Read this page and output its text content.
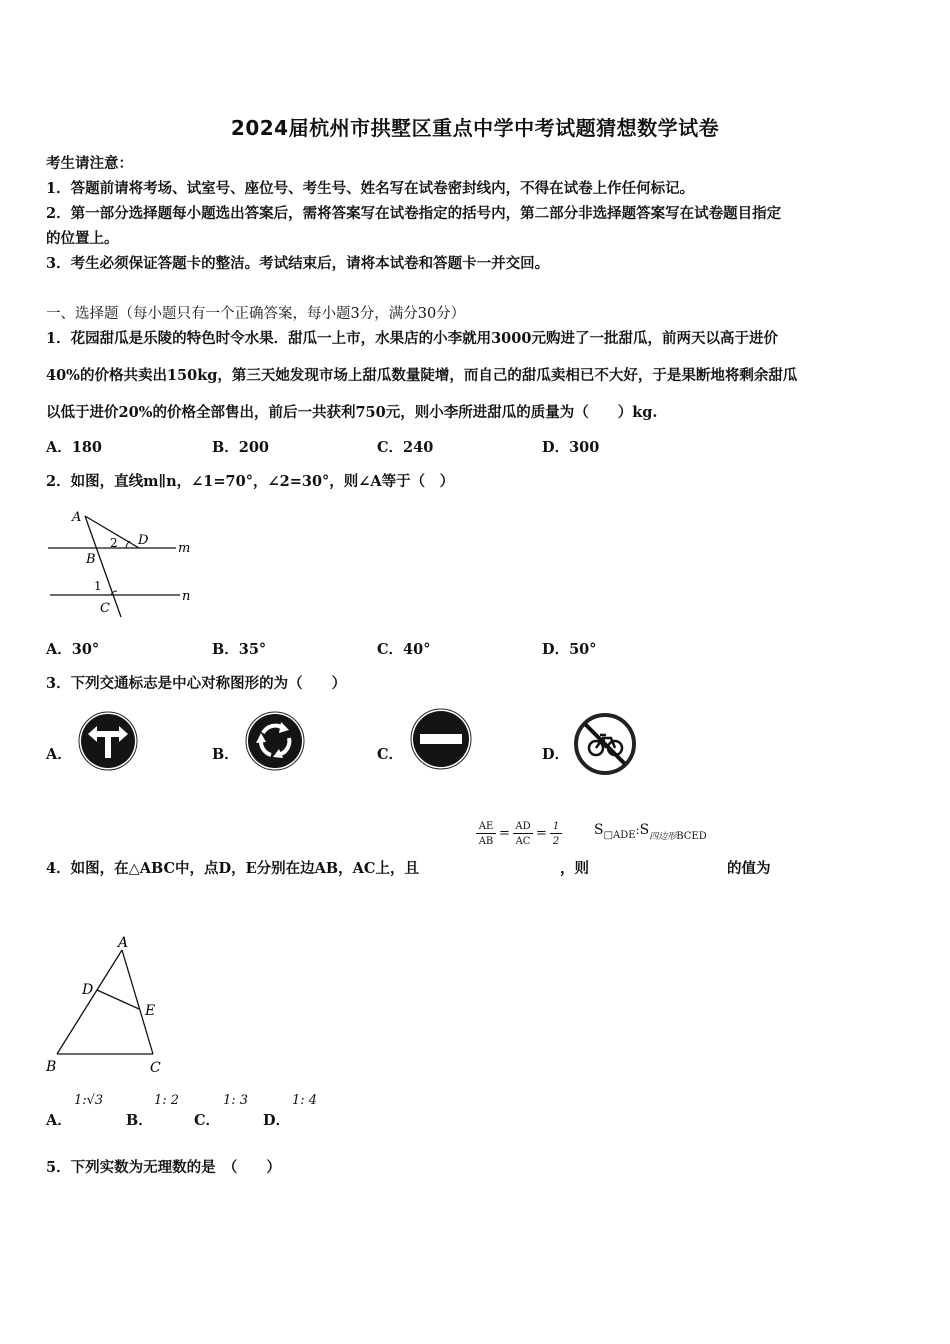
2024届杭州市拱墅区重点中学中考试题猜想数学试卷
考生请注意：
1．答题前请将考场、试室号、座位号、考生号、姓名写在试卷密封线内，不得在试卷上作任何标记。
2．第一部分选择题每小题选出答案后，需将答案写在试卷指定的括号内，第二部分非选择题答案写在试卷题目指定
的位置上。
3．考生必须保证答题卡的整洁。考试结束后，请将本试卷和答题卡一并交回。
一、选择题（每小题只有一个正确答案，每小题3分，满分30分）
1．花园甜瓜是乐陵的特色时令水果．甜瓜一上市，水果店的小李就用3000元购进了一批甜瓜，前两天以高于进价
40%的价格共卖出150kg，第三天她发现市场上甜瓜数量陡增，而自己的甜瓜卖相已不大好，于是果断地将剩余甜瓜
以低于进价20%的价格全部售出，前后一共获利750元，则小李所进甜瓜的质量为（　　）kg.
A．180	B．200	C．240	D．300
2．如图，直线m∥n，∠1=70°，∠2=30°，则∠A等于（　）
A
D
m
B
2
1
n
C
A．30°	B．35°	C．40°	D．50°
3．下列交通标志是中心对称图形的为（　　）
A．	B．	C．	D．
AE
AB
= AD
AC
= 1
2
$S_{□ADE}:S_{四边形BCED}$
4．如图，在△ABC中，点D，E分别在边AB，AC上，且	，则	的值为
A
D
E
B	C
A．
1:√3
B．
1: 2
C．
1: 3
D．
1: 4
5．下列实数为无理数的是　（　　）
